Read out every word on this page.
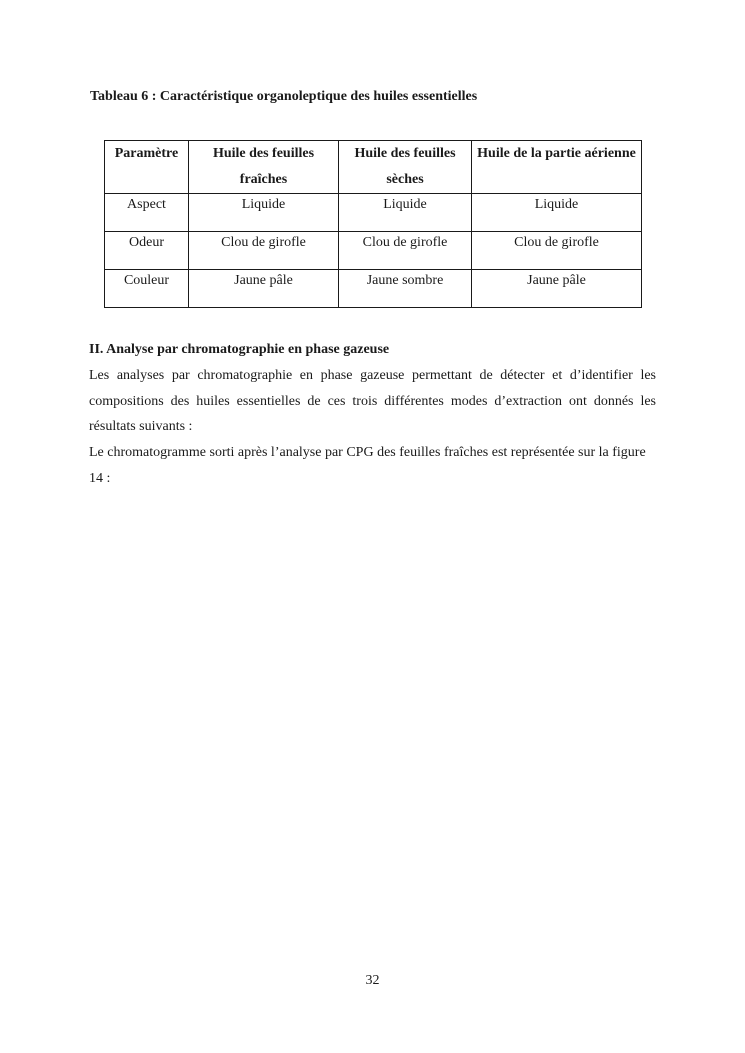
Tableau 6 : Caractéristique organoleptique des huiles essentielles
Paramètre	Huile des feuilles fraîches	Huile des feuilles sèches	Huile de la partie aérienne
Aspect	Liquide	Liquide	Liquide
Odeur	Clou de girofle	Clou de girofle	Clou de girofle
Couleur	Jaune pâle	Jaune sombre	Jaune pâle
II. Analyse par chromatographie en phase gazeuse

Les analyses par chromatographie en phase gazeuse permettant de détecter et d’identifier les compositions des huiles essentielles de ces trois différentes modes d’extraction ont donnés les résultats suivants :

Le chromatogramme sorti après l’analyse par CPG des feuilles fraîches est représentée sur la figure 14 :

32
